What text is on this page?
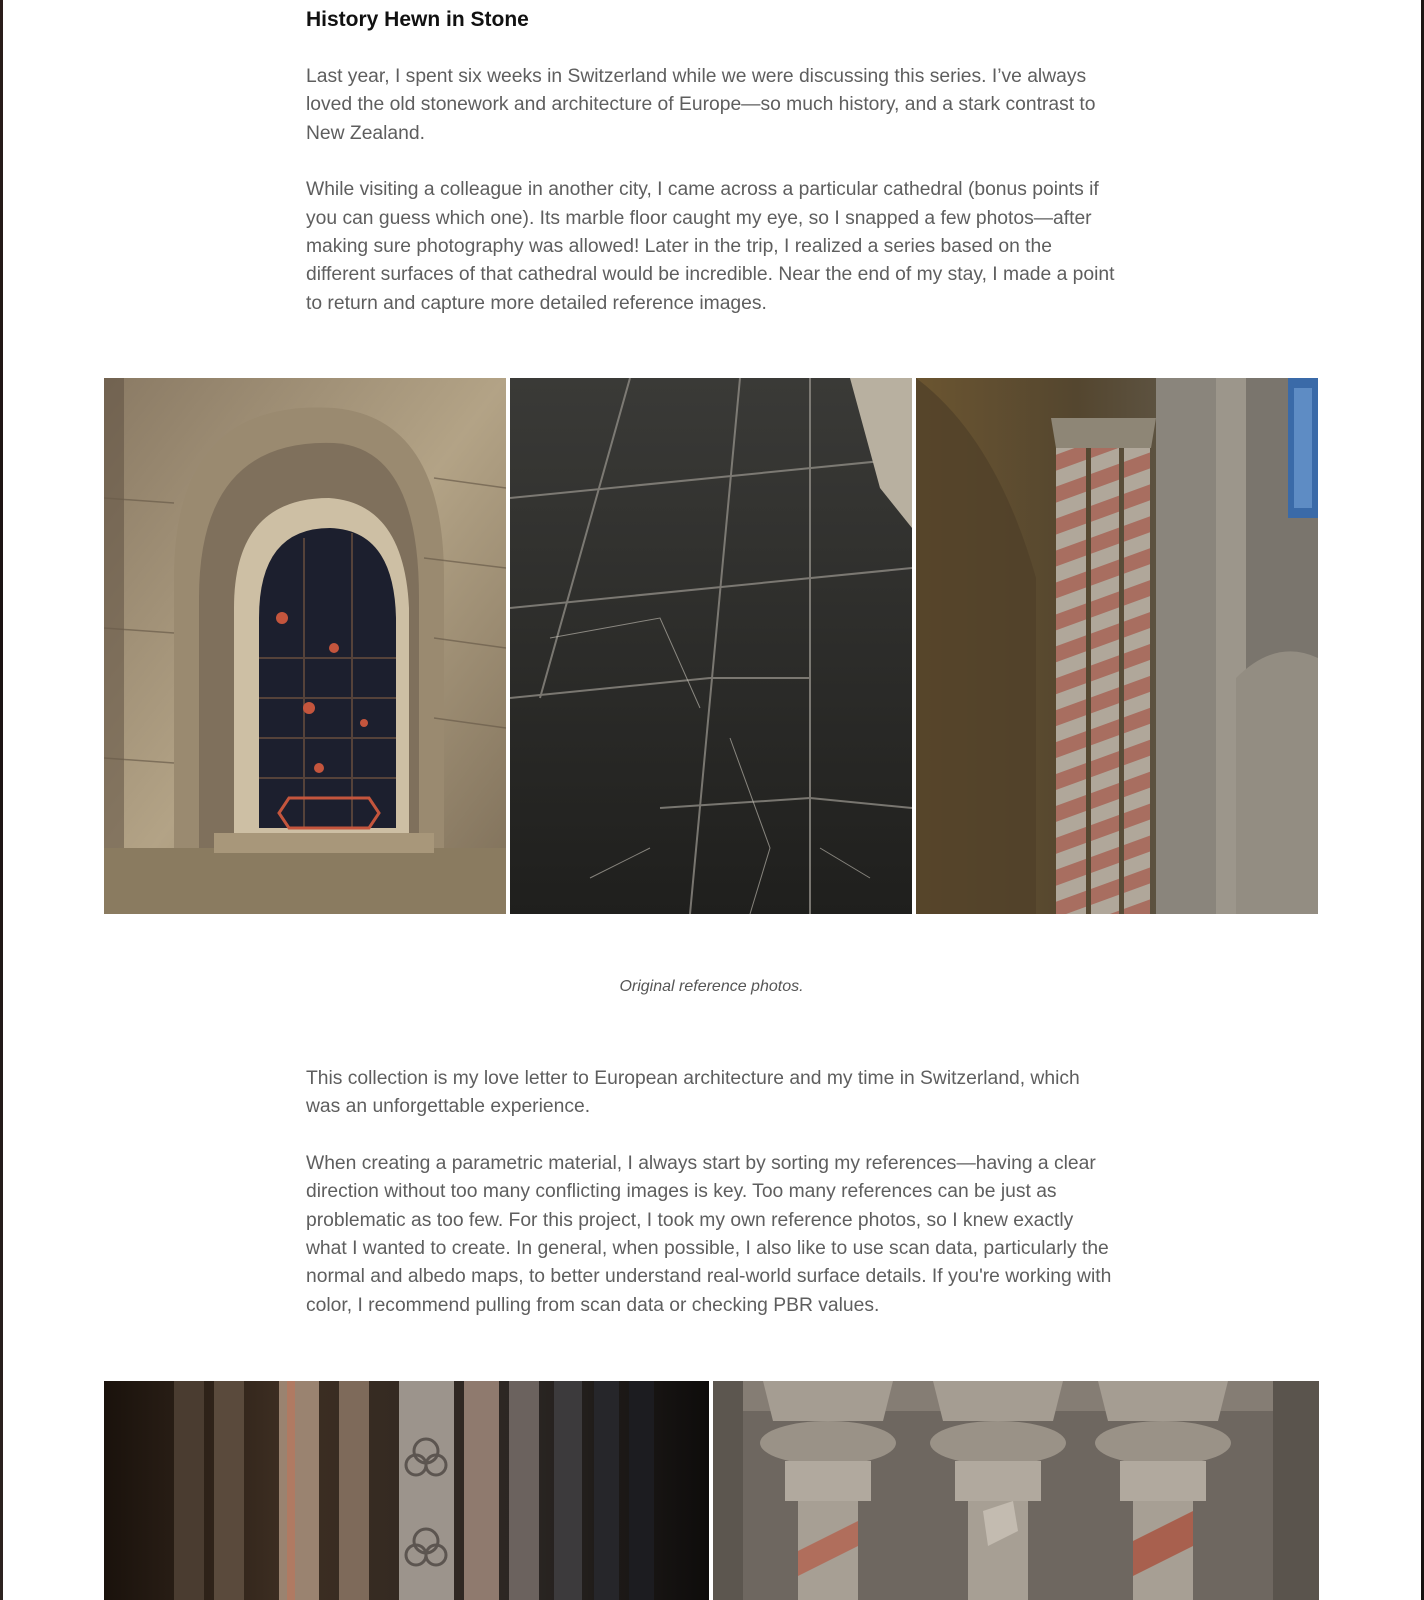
History Hewn in Stone

Last year, I spent six weeks in Switzerland while we were discussing this series. I’ve always loved the old stonework and architecture of Europe—so much history, and a stark contrast to New Zealand.

While visiting a colleague in another city, I came across a particular cathedral (bonus points if you can guess which one). Its marble floor caught my eye, so I snapped a few photos—after making sure photography was allowed! Later in the trip, I realized a series based on the different surfaces of that cathedral would be incredible. Near the end of my stay, I made a point to return and capture more detailed reference images.

Original reference photos.

This collection is my love letter to European architecture and my time in Switzerland, which was an unforgettable experience.

When creating a parametric material, I always start by sorting my references—having a clear direction without too many conflicting images is key. Too many references can be just as problematic as too few. For this project, I took my own reference photos, so I knew exactly what I wanted to create. In general, when possible, I also like to use scan data, particularly the normal and albedo maps, to better understand real-world surface details. If you're working with color, I recommend pulling from scan data or checking PBR values.
